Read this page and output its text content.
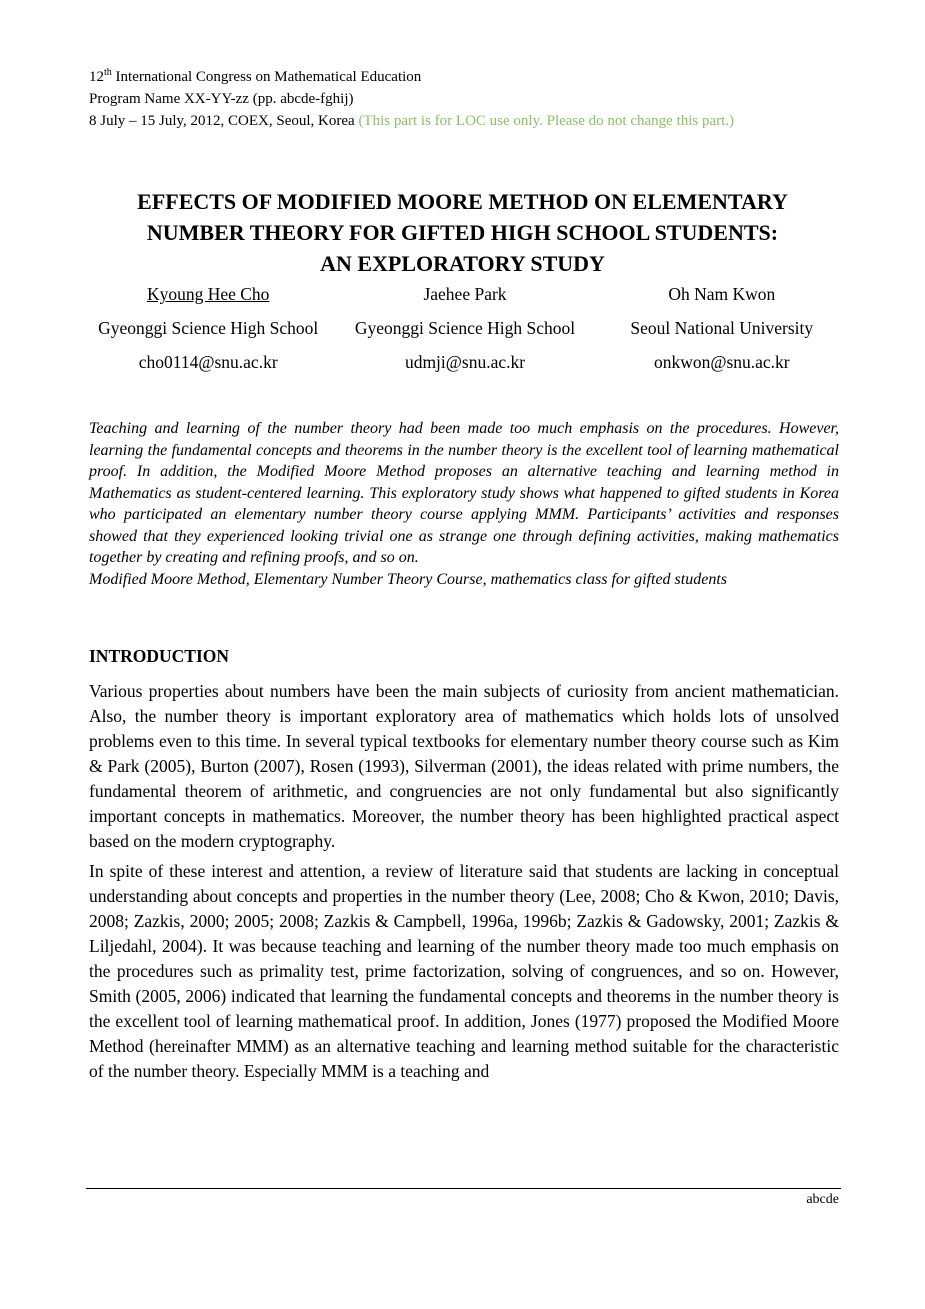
12th International Congress on Mathematical Education
Program Name XX-YY-zz (pp. abcde-fghij)
8 July – 15 July, 2012, COEX, Seoul, Korea (This part is for LOC use only. Please do not change this part.)
EFFECTS OF MODIFIED MOORE METHOD ON ELEMENTARY
NUMBER THEORY FOR GIFTED HIGH SCHOOL STUDENTS:
AN EXPLORATORY STUDY
Kyoung Hee Cho	Jaehee Park	Oh Nam Kwon
Gyeonggi Science High School	Gyeonggi Science High School	Seoul National University
cho0114@snu.ac.kr	udmji@snu.ac.kr	onkwon@snu.ac.kr

Teaching and learning of the number theory had been made too much emphasis on the procedures. However, learning the fundamental concepts and theorems in the number theory is the excellent tool of learning mathematical proof. In addition, the Modified Moore Method proposes an alternative teaching and learning method in Mathematics as student-centered learning. This exploratory study shows what happened to gifted students in Korea who participated an elementary number theory course applying MMM. Participants’ activities and responses showed that they experienced looking trivial one as strange one through defining activities, making mathematics together by creating and refining proofs, and so on.

Modified Moore Method, Elementary Number Theory Course, mathematics class for gifted students

INTRODUCTION

Various properties about numbers have been the main subjects of curiosity from ancient mathematician. Also, the number theory is important exploratory area of mathematics which holds lots of unsolved problems even to this time. In several typical textbooks for elementary number theory course such as Kim & Park (2005), Burton (2007), Rosen (1993), Silverman (2001), the ideas related with prime numbers, the fundamental theorem of arithmetic, and congruencies are not only fundamental but also significantly important concepts in mathematics. Moreover, the number theory has been highlighted practical aspect based on the modern cryptography.

In spite of these interest and attention, a review of literature said that students are lacking in conceptual understanding about concepts and properties in the number theory (Lee, 2008; Cho & Kwon, 2010; Davis, 2008; Zazkis, 2000; 2005; 2008; Zazkis & Campbell, 1996a, 1996b; Zazkis & Gadowsky, 2001; Zazkis & Liljedahl, 2004). It was because teaching and learning of the number theory made too much emphasis on the procedures such as primality test, prime factorization, solving of congruences, and so on. However, Smith (2005, 2006) indicated that learning the fundamental concepts and theorems in the number theory is the excellent tool of learning mathematical proof. In addition, Jones (1977) proposed the Modified Moore Method (hereinafter MMM) as an alternative teaching and learning method suitable for the characteristic of the number theory. Especially MMM is a teaching and

abcde
